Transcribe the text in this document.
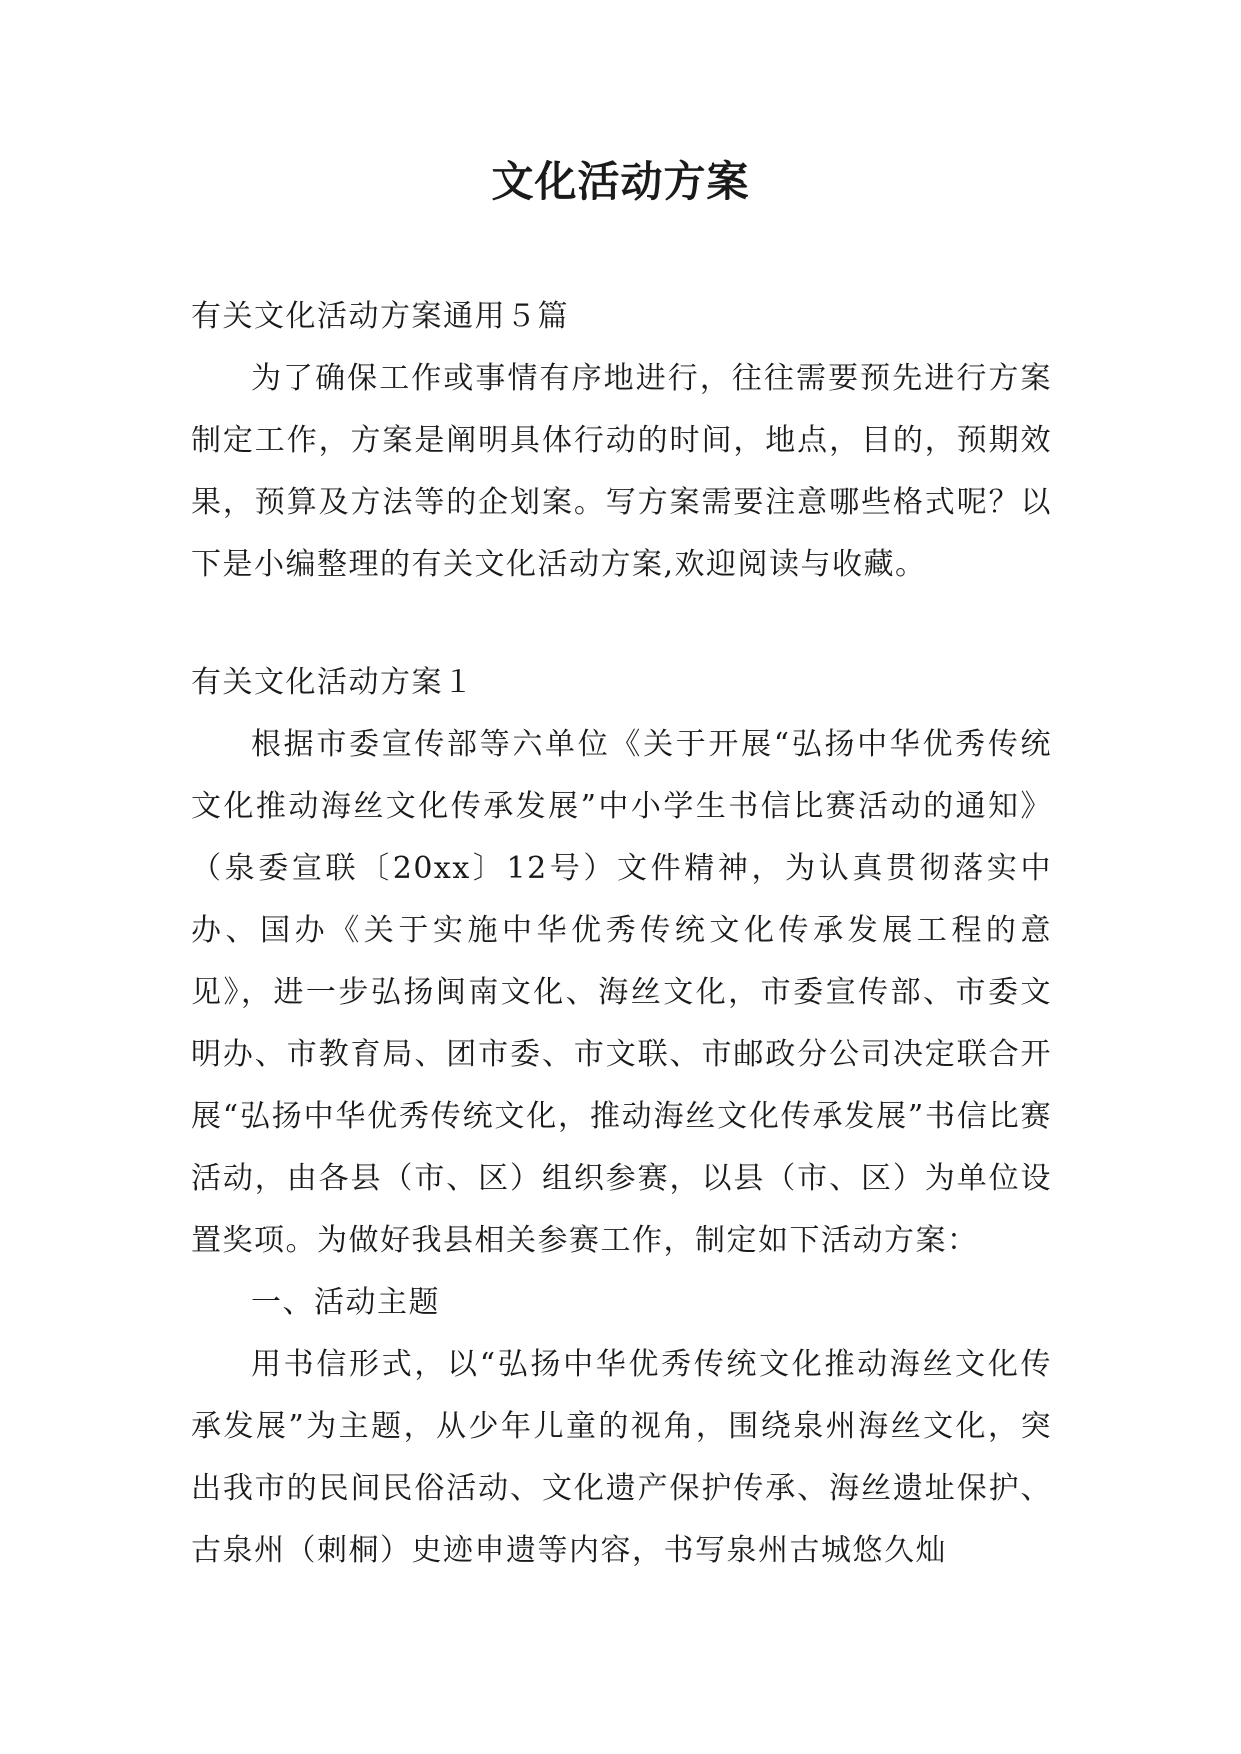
文化活动方案

有关文化活动方案通用５篇

为了确保工作或事情有序地进行，往往需要预先进行方案制定工作，方案是阐明具体行动的时间，地点，目的，预期效果，预算及方法等的企划案。写方案需要注意哪些格式呢？以下是小编整理的有关文化活动方案,欢迎阅读与收藏。

有关文化活动方案１

根据市委宣传部等六单位《关于开展“弘扬中华优秀传统文化推动海丝文化传承发展”中小学生书信比赛活动的通知》（泉委宣联〔20xx〕12号）文件精神，为认真贯彻落实中办、国办《关于实施中华优秀传统文化传承发展工程的意见》，进一步弘扬闽南文化、海丝文化，市委宣传部、市委文明办、市教育局、团市委、市文联、市邮政分公司决定联合开展“弘扬中华优秀传统文化，推动海丝文化传承发展”书信比赛活动，由各县（市、区）组织参赛，以县（市、区）为单位设置奖项。为做好我县相关参赛工作，制定如下活动方案：

一、活动主题

用书信形式，以“弘扬中华优秀传统文化推动海丝文化传承发展”为主题，从少年儿童的视角，围绕泉州海丝文化，突出我市的民间民俗活动、文化遗产保护传承、海丝遗址保护、古泉州（刺桐）史迹申遗等内容，书写泉州古城悠久灿
